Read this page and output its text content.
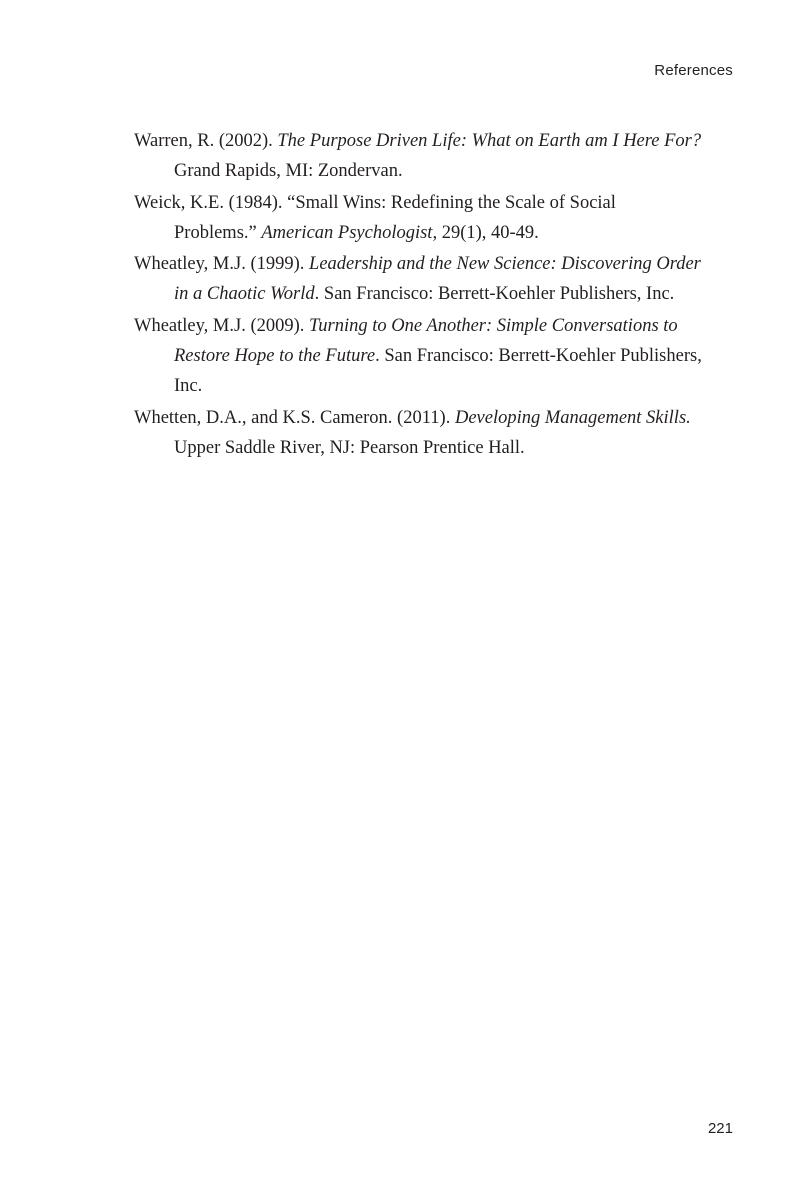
References
Warren, R. (2002). The Purpose Driven Life: What on Earth am I Here For? Grand Rapids, MI: Zondervan.
Weick, K.E. (1984). “Small Wins: Redefining the Scale of Social Problems.” American Psychologist, 29(1), 40-49.
Wheatley, M.J. (1999). Leadership and the New Science: Discovering Order in a Chaotic World. San Francisco: Berrett-Koehler Publishers, Inc.
Wheatley, M.J. (2009). Turning to One Another: Simple Conversations to Restore Hope to the Future. San Francisco: Berrett-Koehler Publishers, Inc.
Whetten, D.A., and K.S. Cameron. (2011). Developing Management Skills. Upper Saddle River, NJ: Pearson Prentice Hall.
221
